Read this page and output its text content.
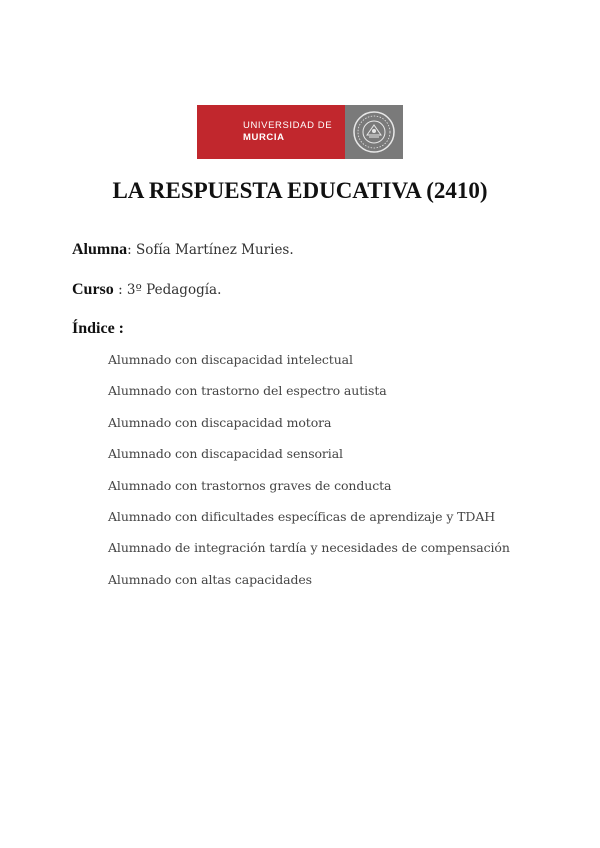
UNIVERSIDAD DE
MURCIA
LA RESPUESTA EDUCATIVA (2410)
Alumna: Sofía Martínez Muries.
Curso : 3º Pedagogía.
Índice :
Alumnado con discapacidad intelectual
Alumnado con trastorno del espectro autista
Alumnado con discapacidad motora
Alumnado con discapacidad sensorial
Alumnado con trastornos graves de conducta
Alumnado con dificultades específicas de aprendizaje y TDAH
Alumnado de integración tardía y necesidades de compensación
Alumnado con altas capacidades
